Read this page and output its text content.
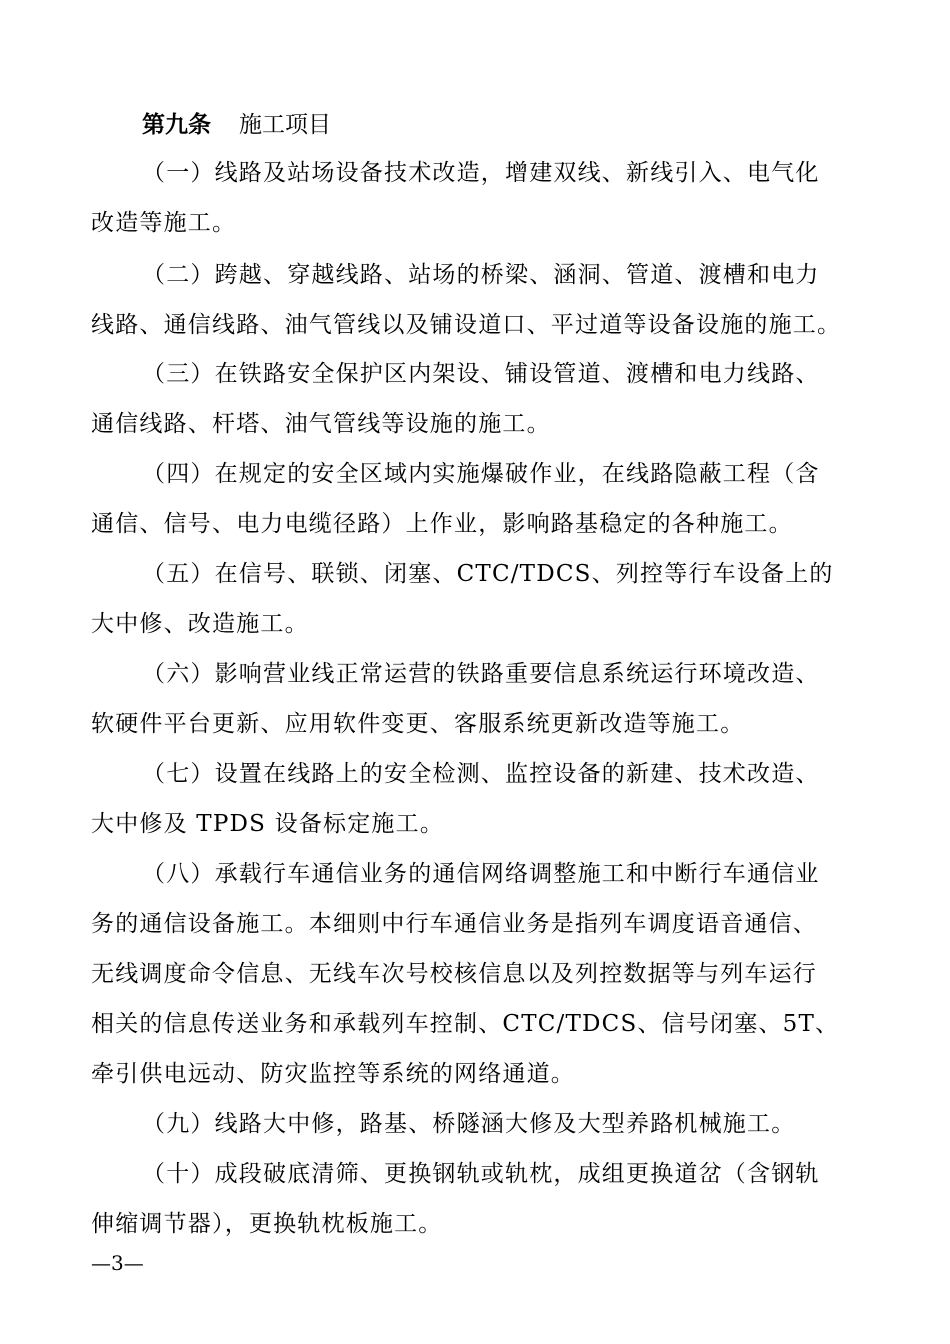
第九条 施工项目
（一）线路及站场设备技术改造，增建双线、新线引入、电气化
改造等施工。
（二）跨越、穿越线路、站场的桥梁、涵洞、管道、渡槽和电力
线路、通信线路、油气管线以及铺设道口、平过道等设备设施的施工。
（三）在铁路安全保护区内架设、铺设管道、渡槽和电力线路、
通信线路、杆塔、油气管线等设施的施工。
（四）在规定的安全区域内实施爆破作业，在线路隐蔽工程（含
通信、信号、电力电缆径路）上作业，影响路基稳定的各种施工。
（五）在信号、联锁、闭塞、CTC/TDCS、列控等行车设备上的
大中修、改造施工。
（六）影响营业线正常运营的铁路重要信息系统运行环境改造、
软硬件平台更新、应用软件变更、客服系统更新改造等施工。
（七）设置在线路上的安全检测、监控设备的新建、技术改造、
大中修及 TPDS 设备标定施工。
（八）承载行车通信业务的通信网络调整施工和中断行车通信业
务的通信设备施工。本细则中行车通信业务是指列车调度语音通信、
无线调度命令信息、无线车次号校核信息以及列控数据等与列车运行
相关的信息传送业务和承载列车控制、CTC/TDCS、信号闭塞、5T、
牵引供电远动、防灾监控等系统的网络通道。
（九）线路大中修，路基、桥隧涵大修及大型养路机械施工。
（十）成段破底清筛、更换钢轨或轨枕，成组更换道岔（含钢轨
伸缩调节器），更换轨枕板施工。
—3—
